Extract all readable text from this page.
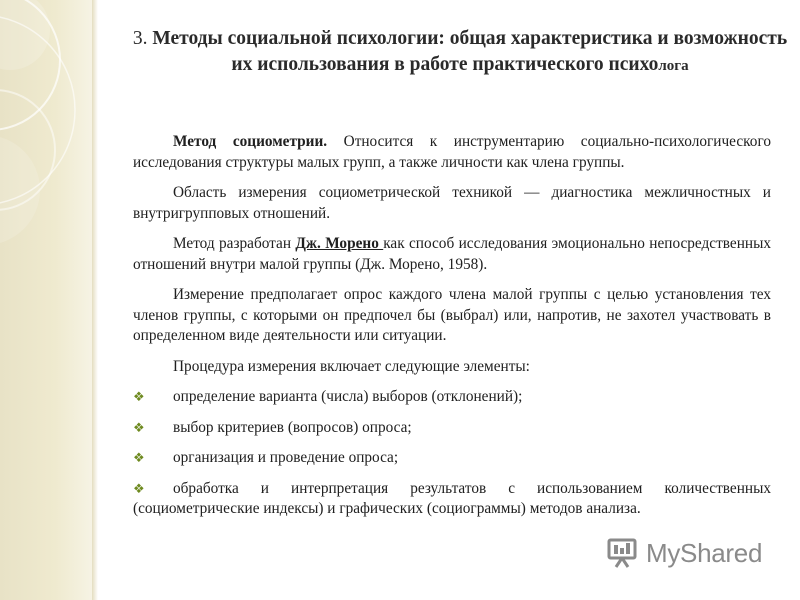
3. Методы социальной психологии: общая характеристика и возможность их использования в работе практического психолога

Метод социометрии. Относится к инструментарию социально-психологического исследования структуры малых групп, а также личности как члена группы.

Область измерения социометрической техникой — диагностика межличностных и внутригрупповых отношений.

Метод разработан Дж. Морено как способ исследования эмоционально непосредственных отношений внутри малой группы (Дж. Морено, 1958).

Измерение предполагает опрос каждого члена малой группы с целью установления тех членов группы, с которыми он предпочел бы (выбрал) или, напротив, не захотел участвовать в определенном виде деятельности или ситуации.

Процедура измерения включает следующие элементы:

❖ определение варианта (числа) выборов (отклонений);
❖ выбор критериев (вопросов) опроса;
❖ организация и проведение опроса;
❖ обработка и интерпретация результатов с использованием количественных (социометрические индексы) и графических (социограммы) методов анализа.
MyShared
